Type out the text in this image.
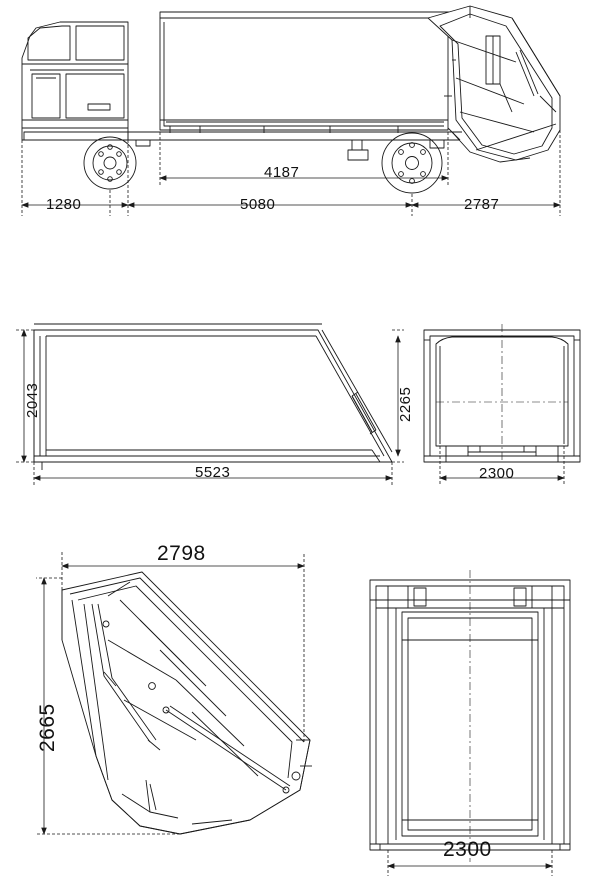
4187
1280	5080	2787
2043
5523
2265
2300
2798
2665
2300
